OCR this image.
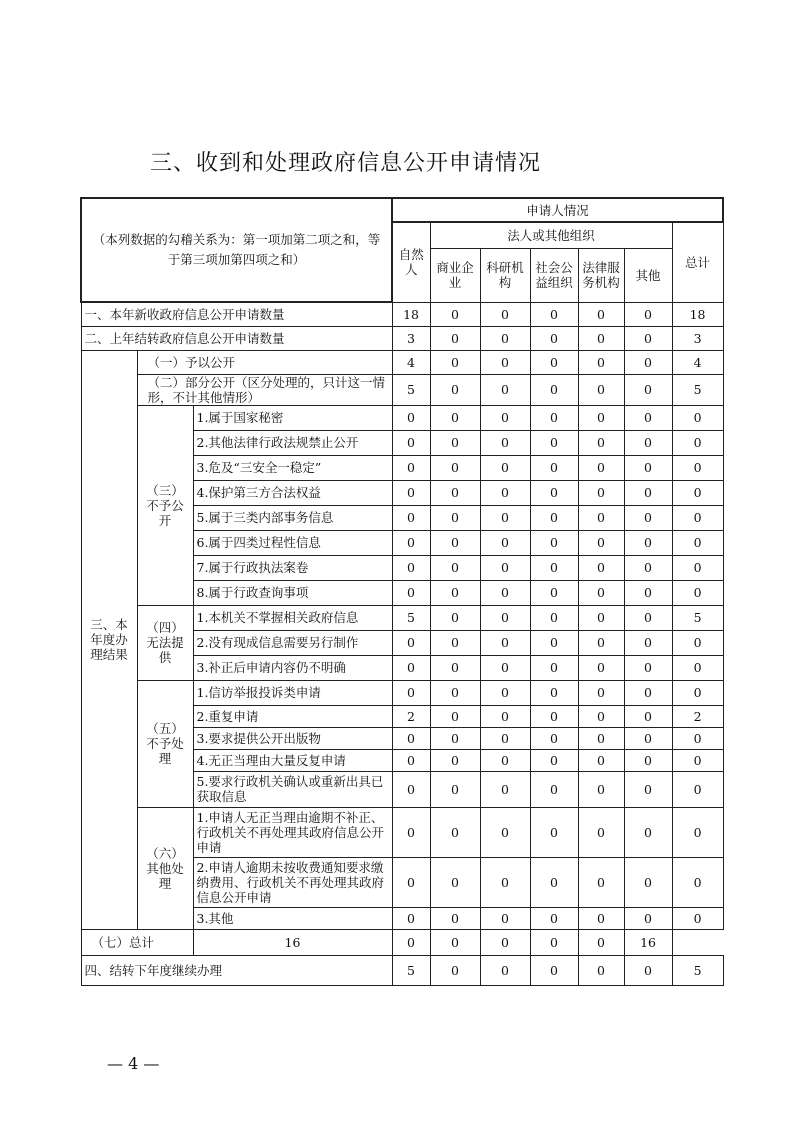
三、收到和处理政府信息公开申请情况
（本列数据的勾稽关系为：第一项加第二项之和，等于第三项加第四项之和）			申请人情况						
			自然人	法人或其他组织					总计
				商业企业	科研机构	社会公益组织	法律服务机构	其他	
一、本年新收政府信息公开申请数量			18	0	0	0	0	0	18
二、上年结转政府信息公开申请数量			3	0	0	0	0	0	3
三、本年度办理结果	（一）予以公开		4	0	0	0	0	0	4
	（二）部分公开（区分处理的，只计这一情形，不计其他情形）		5	0	0	0	0	0	5
	（三）不予公开	1.属于国家秘密	0	0	0	0	0	0	0
		2.其他法律行政法规禁止公开	0	0	0	0	0	0	0
		3.危及“三安全一稳定”	0	0	0	0	0	0	0
		4.保护第三方合法权益	0	0	0	0	0	0	0
		5.属于三类内部事务信息	0	0	0	0	0	0	0
		6.属于四类过程性信息	0	0	0	0	0	0	0
		7.属于行政执法案卷	0	0	0	0	0	0	0
		8.属于行政查询事项	0	0	0	0	0	0	0
	（四）无法提供	1.本机关不掌握相关政府信息	5	0	0	0	0	0	5
		2.没有现成信息需要另行制作	0	0	0	0	0	0	0
		3.补正后申请内容仍不明确	0	0	0	0	0	0	0
	（五）不予处理	1.信访举报投诉类申请	0	0	0	0	0	0	0
		2.重复申请	2	0	0	0	0	0	2
		3.要求提供公开出版物	0	0	0	0	0	0	0
		4.无正当理由大量反复申请	0	0	0	0	0	0	0
		5.要求行政机关确认或重新出具已获取信息	0	0	0	0	0	0	0
	（六）其他处理	1.申请人无正当理由逾期不补正、行政机关不再处理其政府信息公开申请	0	0	0	0	0	0	0
		2.申请人逾期未按收费通知要求缴纳费用、行政机关不再处理其政府信息公开申请	0	0	0	0	0	0	0
		3.其他	0	0	0	0	0	0	0
（七）总计		16	0	0	0	0	0	16	
四、结转下年度继续办理			5	0	0	0	0	0	5
— 4 —
